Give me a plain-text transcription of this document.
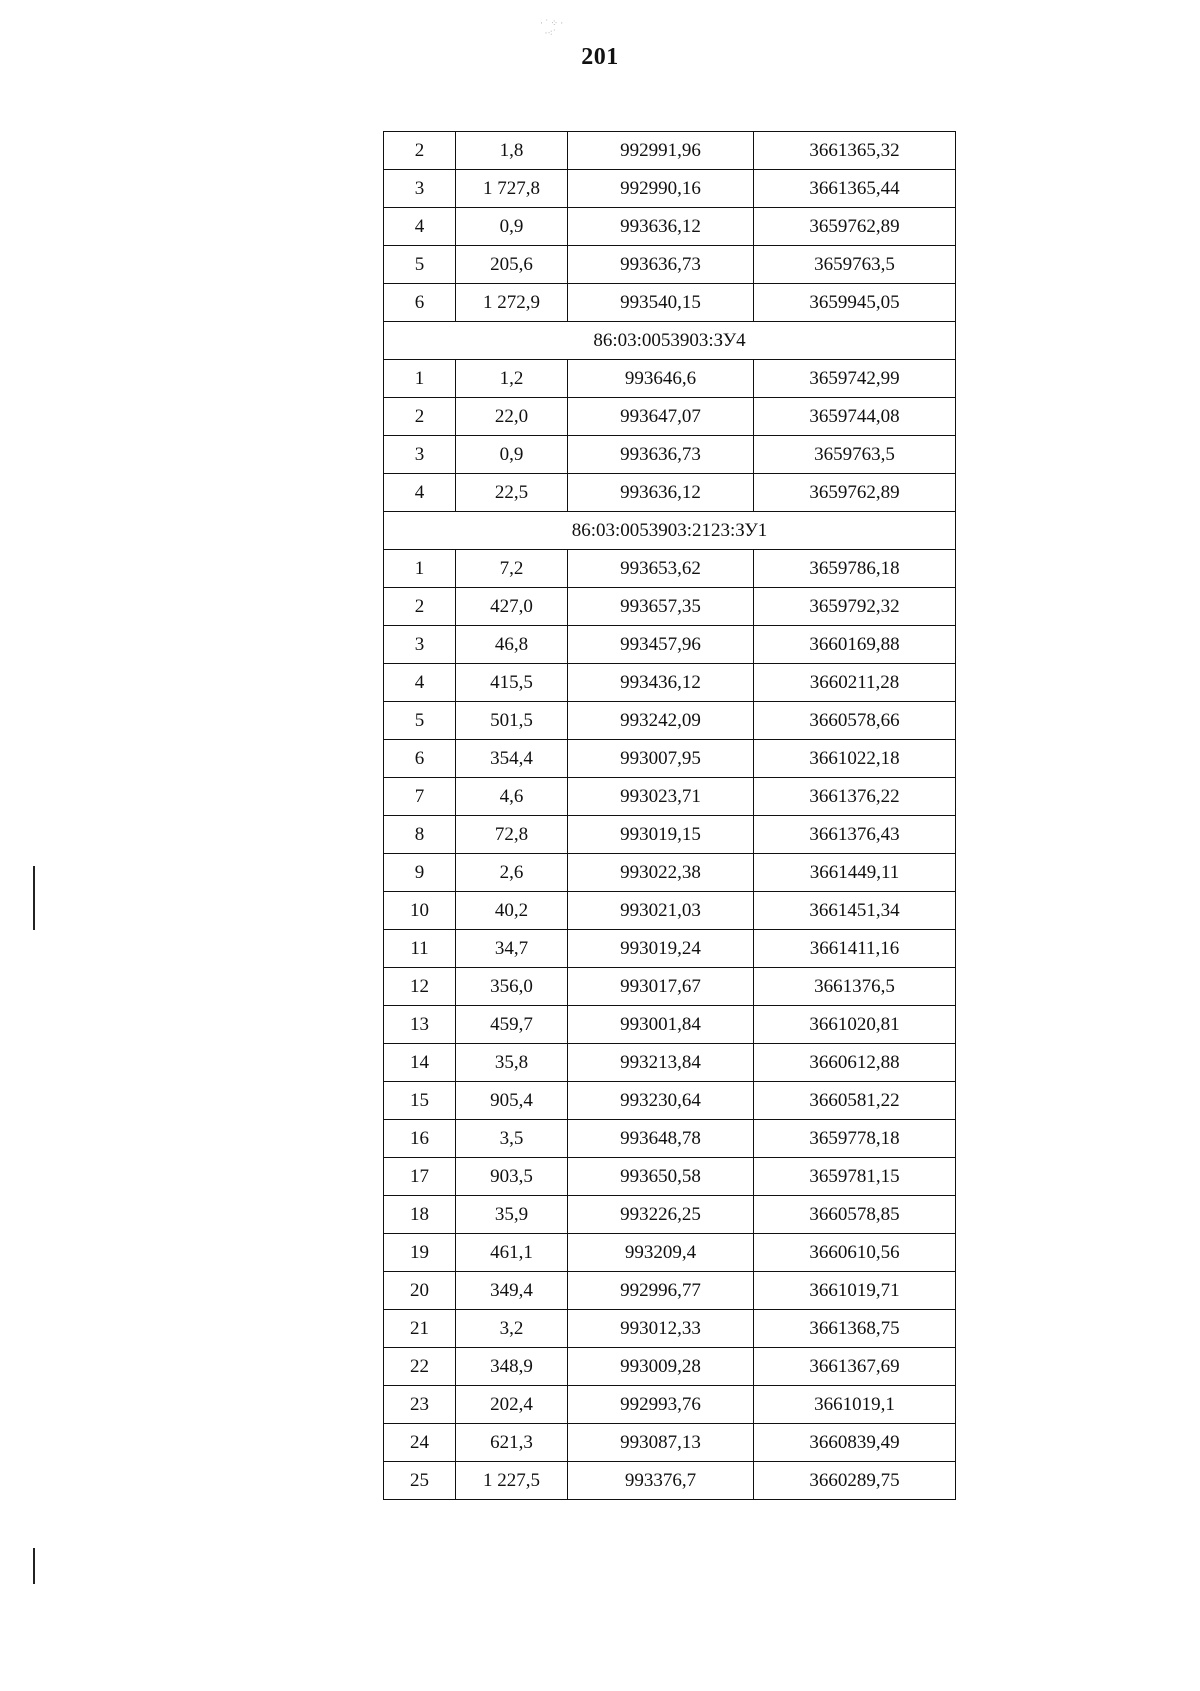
· ˙ ⁘ ·
·⁖˙
201
2	1,8	992991,96	3661365,32
3	1 727,8	992990,16	3661365,44
4	0,9	993636,12	3659762,89
5	205,6	993636,73	3659763,5
6	1 272,9	993540,15	3659945,05
86:03:0053903:ЗУ4			
1	1,2	993646,6	3659742,99
2	22,0	993647,07	3659744,08
3	0,9	993636,73	3659763,5
4	22,5	993636,12	3659762,89
86:03:0053903:2123:ЗУ1			
1	7,2	993653,62	3659786,18
2	427,0	993657,35	3659792,32
3	46,8	993457,96	3660169,88
4	415,5	993436,12	3660211,28
5	501,5	993242,09	3660578,66
6	354,4	993007,95	3661022,18
7	4,6	993023,71	3661376,22
8	72,8	993019,15	3661376,43
9	2,6	993022,38	3661449,11
10	40,2	993021,03	3661451,34
11	34,7	993019,24	3661411,16
12	356,0	993017,67	3661376,5
13	459,7	993001,84	3661020,81
14	35,8	993213,84	3660612,88
15	905,4	993230,64	3660581,22
16	3,5	993648,78	3659778,18
17	903,5	993650,58	3659781,15
18	35,9	993226,25	3660578,85
19	461,1	993209,4	3660610,56
20	349,4	992996,77	3661019,71
21	3,2	993012,33	3661368,75
22	348,9	993009,28	3661367,69
23	202,4	992993,76	3661019,1
24	621,3	993087,13	3660839,49
25	1 227,5	993376,7	3660289,75
